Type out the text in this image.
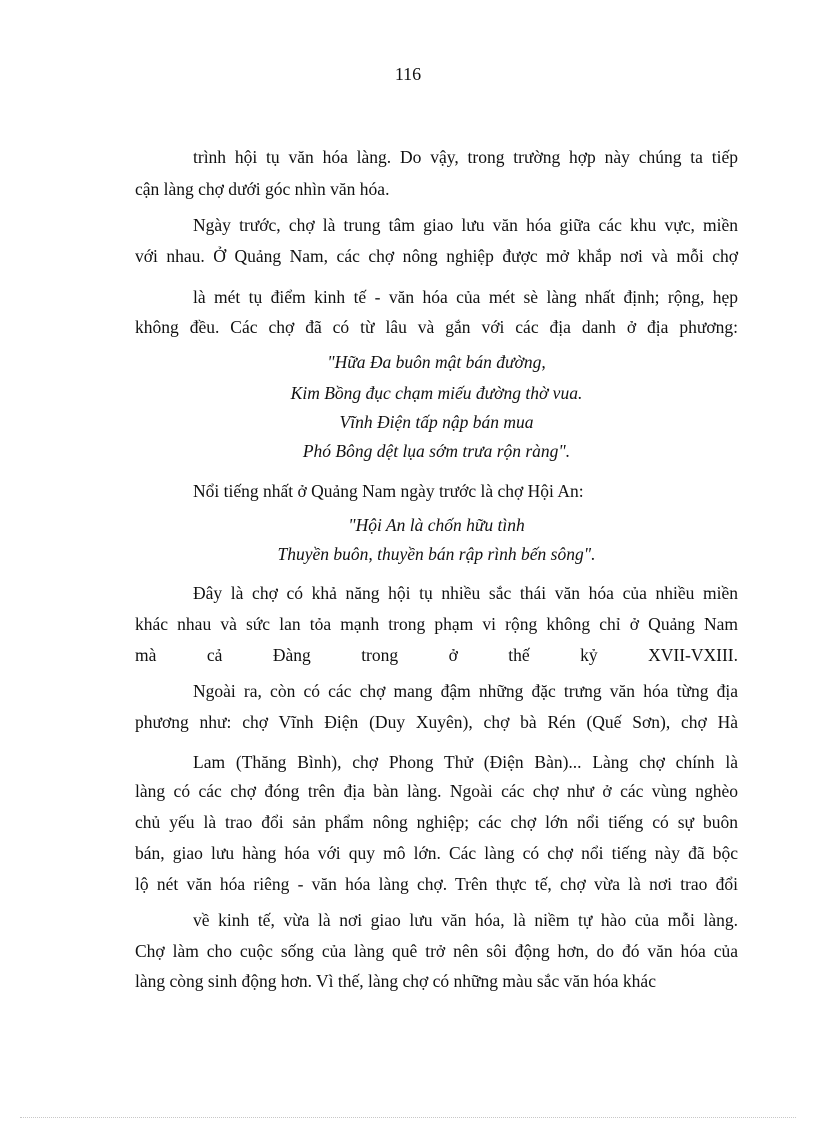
116
trình hội tụ văn hóa làng. Do vậy, trong trường hợp này chúng ta tiếp
cận làng chợ dưới góc nhìn văn hóa.
Ngày trước, chợ là trung tâm giao lưu văn hóa giữa các khu vực, miền
với nhau. Ở Quảng Nam, các chợ nông nghiệp được mở khắp nơi và mỗi chợ
là mét tụ điểm kinh tế - văn hóa của mét sè làng nhất định; rộng, hẹp
không đều. Các chợ đã có từ lâu và gắn với các địa danh ở địa phương:
"Hữa Đa buôn mật bán đường,
Kim Bồng đục chạm miếu đường thờ vua.
Vĩnh Điện tấp nập bán mua
Phó Bông dệt lụa sớm trưa rộn ràng".
Nổi tiếng nhất ở Quảng Nam ngày trước là chợ Hội An:
"Hội An là chốn hữu tình
Thuyền buôn, thuyền bán rập rình bến sông".
Đây là chợ có khả năng hội tụ nhiều sắc thái văn hóa của nhiều miền
khác nhau và sức lan tỏa mạnh trong phạm vi rộng không chỉ ở Quảng Nam
mà cả Đàng trong ở thế kỷ XVII-VXIII.
Ngoài ra, còn có các chợ mang đậm những đặc trưng văn hóa từng địa
phương như: chợ Vĩnh Điện (Duy Xuyên), chợ bà Rén (Quế Sơn), chợ Hà
Lam (Thăng Bình), chợ Phong Thử (Điện Bàn)... Làng chợ chính là
làng có các chợ đóng trên địa bàn làng. Ngoài các chợ như ở các vùng nghèo
chủ yếu là trao đổi sản phẩm nông nghiệp; các chợ lớn nổi tiếng có sự buôn
bán, giao lưu hàng hóa với quy mô lớn. Các làng có chợ nổi tiếng này đã bộc
lộ nét văn hóa riêng - văn hóa làng chợ. Trên thực tế, chợ vừa là nơi trao đổi
về kinh tế, vừa là nơi giao lưu văn hóa, là niềm tự hào của mỗi làng.
Chợ làm cho cuộc sống của làng quê trở nên sôi động hơn, do đó văn hóa của
làng còng sinh động hơn. Vì thế, làng chợ có những màu sắc văn hóa khác
